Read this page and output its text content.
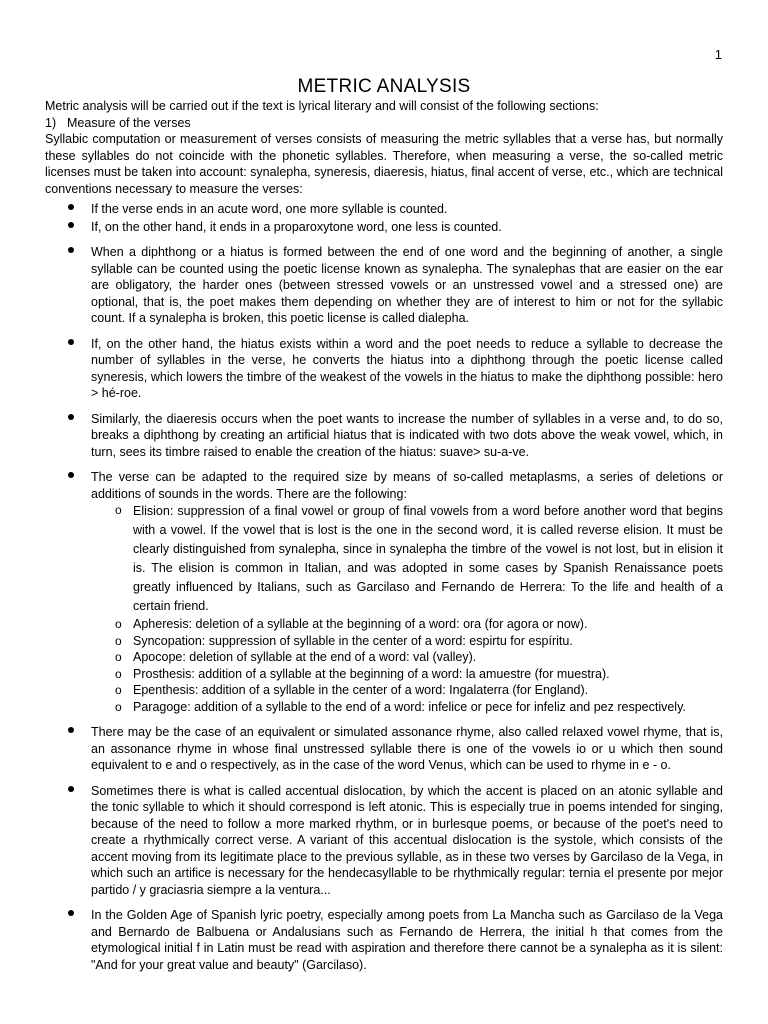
1
METRIC ANALYSIS

Metric analysis will be carried out if the text is lyrical literary and will consist of the following sections:

1) Measure of the verses

Syllabic computation or measurement of verses consists of measuring the metric syllables that a verse has, but normally these syllables do not coincide with the phonetic syllables. Therefore, when measuring a verse, the so-called metric licenses must be taken into account: synalepha, syneresis, diaeresis, hiatus, final accent of verse, etc., which are technical conventions necessary to measure the verses:

If the verse ends in an acute word, one more syllable is counted.
If, on the other hand, it ends in a proparoxytone word, one less is counted.
When a diphthong or a hiatus is formed between the end of one word and the beginning of another, a single syllable can be counted using the poetic license known as synalepha. The synalephas that are easier on the ear are obligatory, the harder ones (between stressed vowels or an unstressed vowel and a stressed one) are optional, that is, the poet makes them depending on whether they are of interest to him or not for the syllabic count. If a synalepha is broken, this poetic license is called dialepha.
If, on the other hand, the hiatus exists within a word and the poet needs to reduce a syllable to decrease the number of syllables in the verse, he converts the hiatus into a diphthong through the poetic license called syneresis, which lowers the timbre of the weakest of the vowels in the hiatus to make the diphthong possible: hero > hé-roe.
Similarly, the diaeresis occurs when the poet wants to increase the number of syllables in a verse and, to do so, breaks a diphthong by creating an artificial hiatus that is indicated with two dots above the weak vowel, which, in turn, sees its timbre raised to enable the creation of the hiatus: suave> su-a-ve.
The verse can be adapted to the required size by means of so-called metaplasms, a series of deletions or additions of sounds in the words. There are the following:
o Elision: suppression of a final vowel or group of final vowels from a word before another word that begins with a vowel. If the vowel that is lost is the one in the second word, it is called reverse elision. It must be clearly distinguished from synalepha, since in synalepha the timbre of the vowel is not lost, but in elision it is. The elision is common in Italian, and was adopted in some cases by Spanish Renaissance poets greatly influenced by Italians, such as Garcilaso and Fernando de Herrera: To the life and health of a certain friend.
o Apheresis: deletion of a syllable at the beginning of a word: ora (for agora or now).
o Syncopation: suppression of syllable in the center of a word: espirtu for espíritu.
o Apocope: deletion of syllable at the end of a word: val (valley).
o Prosthesis: addition of a syllable at the beginning of a word: la amuestre (for muestra).
o Epenthesis: addition of a syllable in the center of a word: Ingalaterra (for England).
o Paragoge: addition of a syllable to the end of a word: infelice or pece for infeliz and pez respectively.
There may be the case of an equivalent or simulated assonance rhyme, also called relaxed vowel rhyme, that is, an assonance rhyme in whose final unstressed syllable there is one of the vowels io or u which then sound equivalent to e and o respectively, as in the case of the word Venus, which can be used to rhyme in e - o.
Sometimes there is what is called accentual dislocation, by which the accent is placed on an atonic syllable and the tonic syllable to which it should correspond is left atonic. This is especially true in poems intended for singing, because of the need to follow a more marked rhythm, or in burlesque poems, or because of the poet's need to create a rhythmically correct verse. A variant of this accentual dislocation is the systole, which consists of the accent moving from its legitimate place to the previous syllable, as in these two verses by Garcilaso de la Vega, in which such an artifice is necessary for the hendecasyllable to be rhythmically regular: ternia el presente por mejor partido / y graciasria siempre a la ventura...
In the Golden Age of Spanish lyric poetry, especially among poets from La Mancha such as Garcilaso de la Vega and Bernardo de Balbuena or Andalusians such as Fernando de Herrera, the initial h that comes from the etymological initial f in Latin must be read with aspiration and therefore there cannot be a synalepha as it is silent: "And for your great value and beauty" (Garcilaso).
